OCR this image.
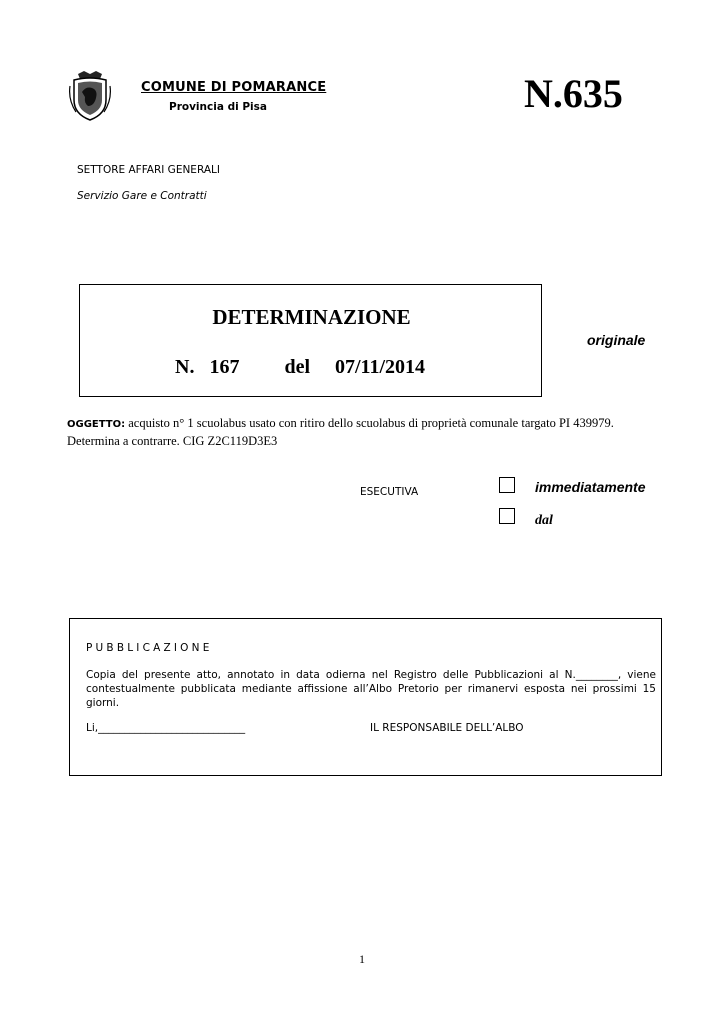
COMUNE DI POMARANCE
Provincia di Pisa	N.635
SETTORE AFFARI GENERALI
Servizio Gare e Contratti
DETERMINAZIONE
N.   167         del     07/11/2014
originale
OGGETTO: acquisto n° 1 scuolabus usato con ritiro dello scuolabus di proprietà comunale targato PI 439979. Determina a contrarre. CIG Z2C119D3E3
ESECUTIVA	immediatamente
dal
PUBBLICAZIONE
Copia del presente atto, annotato in data odierna nel Registro delle Pubblicazioni al N.________, viene contestualmente pubblicata mediante affissione all’Albo Pretorio per rimanervi esposta nei prossimi 15 giorni.
Li,____________________________	IL RESPONSABILE DELL’ALBO
1
